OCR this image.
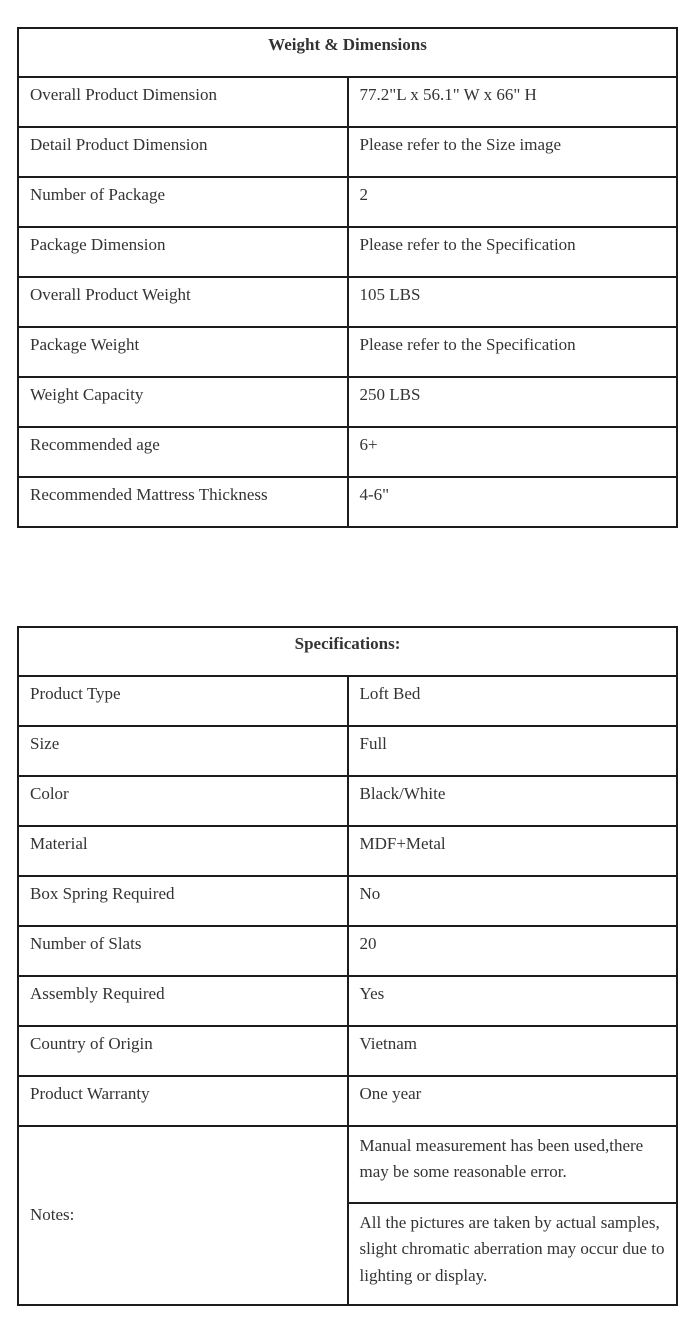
Weight & Dimensions	
Overall Product Dimension	77.2"L x 56.1" W x 66" H
Detail Product Dimension	Please refer to the Size image
Number of Package	2
Package Dimension	Please refer to the Specification
Overall Product Weight	105 LBS
Package Weight	Please refer to the Specification
Weight Capacity	250 LBS
Recommended age	6+
Recommended Mattress Thickness	4-6"
Specifications:	
Product Type	Loft Bed
Size	Full
Color	Black/White
Material	MDF+Metal
Box Spring Required	No
Number of Slats	20
Assembly Required	Yes
Country of Origin	Vietnam
Product Warranty	One year
Notes:	Manual measurement has been used,there may be some reasonable error.
	All the pictures are taken by actual samples, slight chromatic aberration may occur due to lighting or display.
